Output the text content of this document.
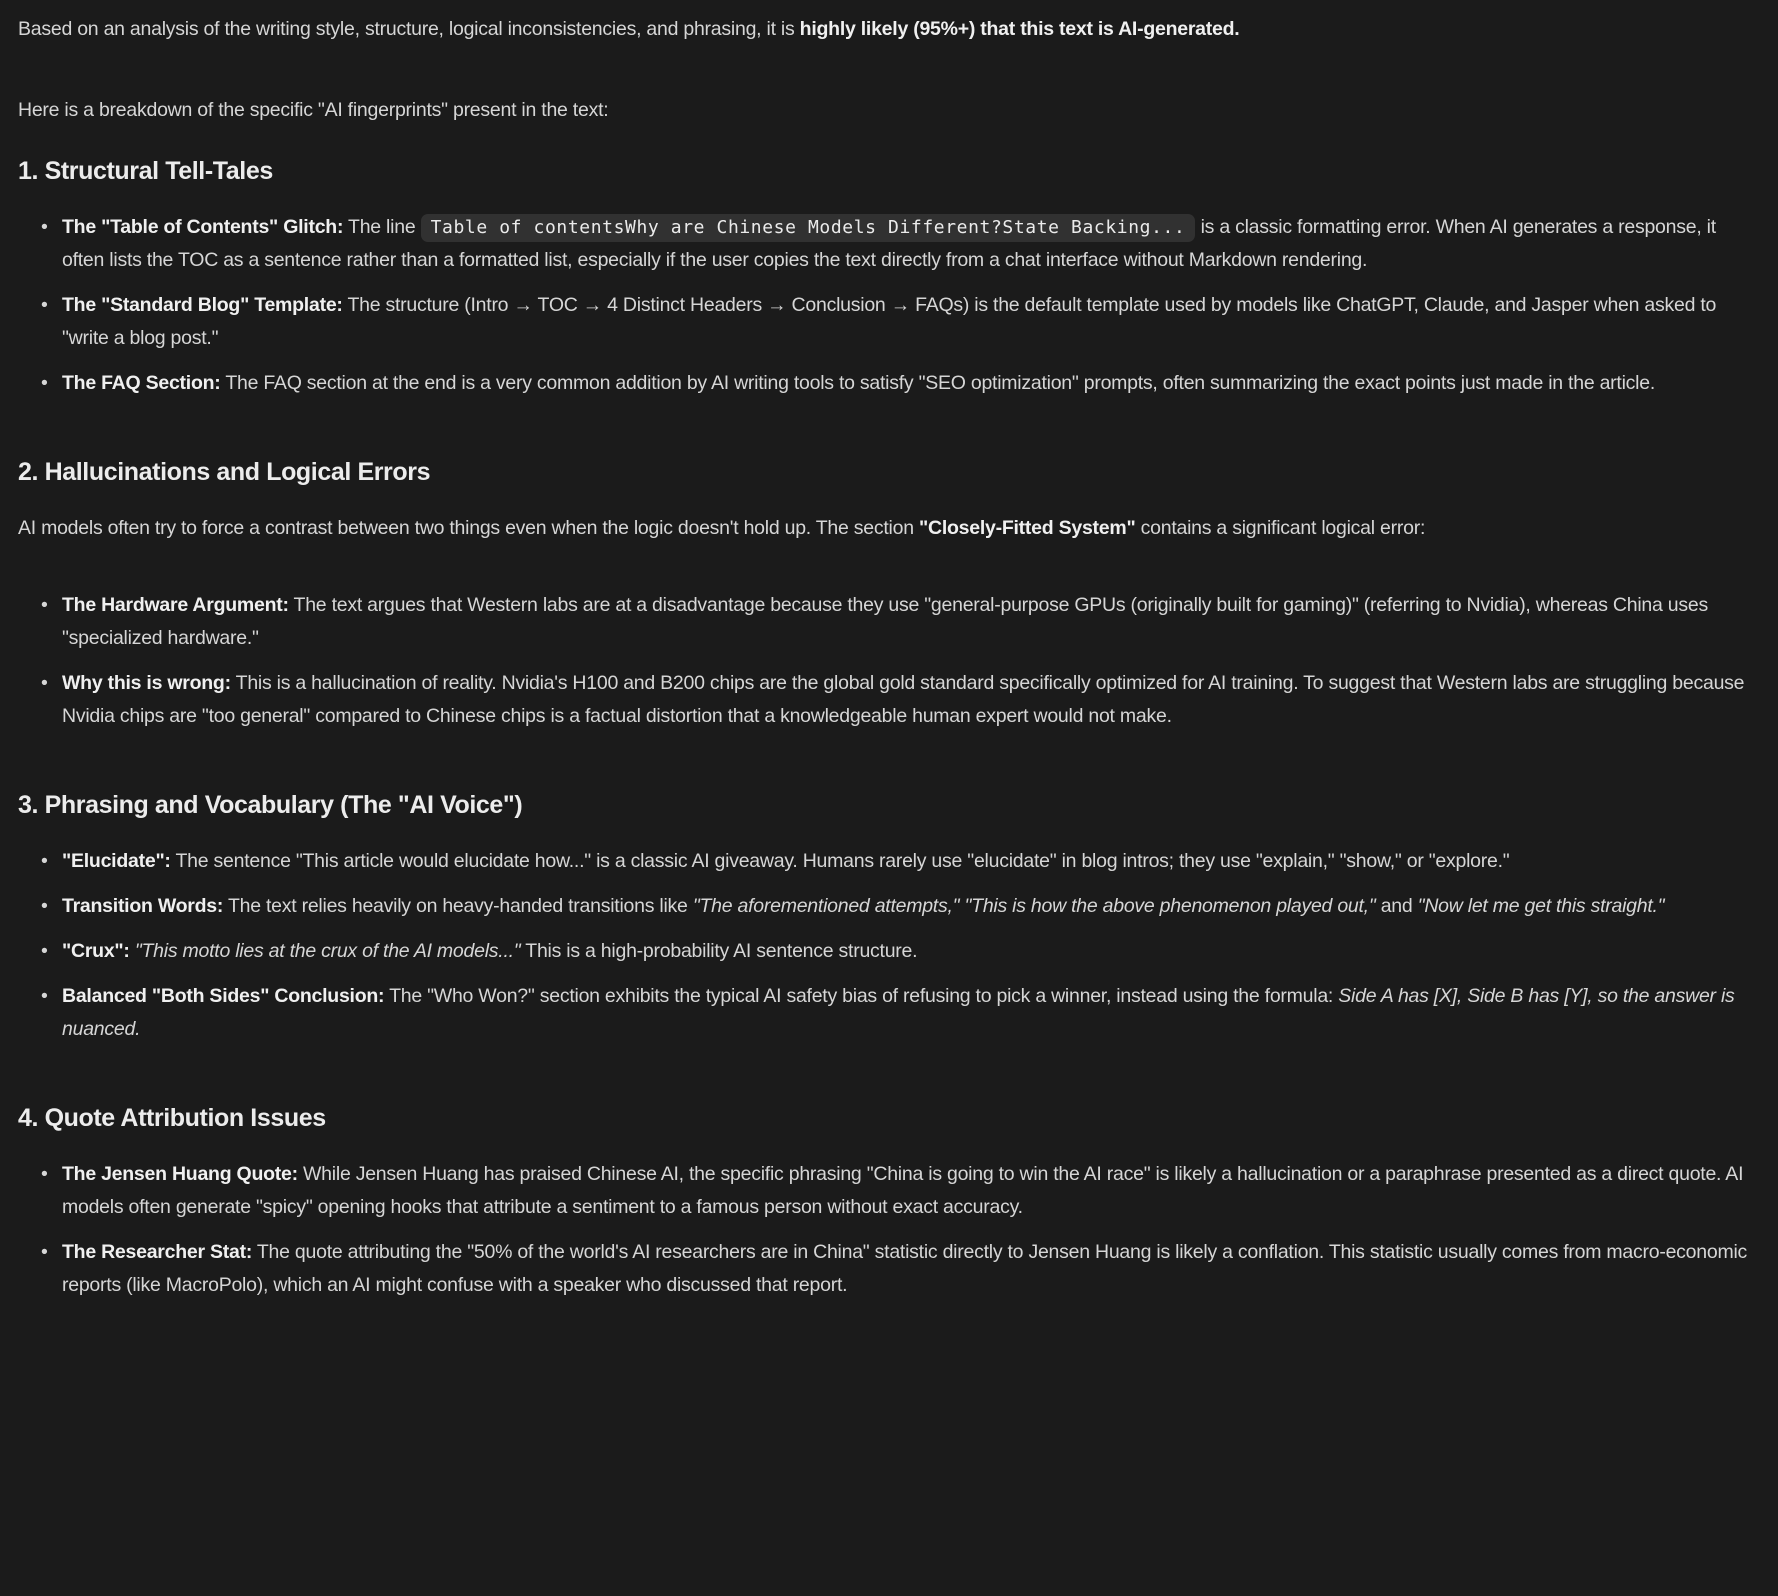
Based on an analysis of the writing style, structure, logical inconsistencies, and phrasing, it is highly likely (95%+) that this text is AI-generated.

Here is a breakdown of the specific "AI fingerprints" present in the text:

1. Structural Tell-Tales
• The "Table of Contents" Glitch: The line Table of contentsWhy are Chinese Models Different?State Backing... is a classic formatting error. When AI generates a response, it often lists the TOC as a sentence rather than a formatted list, especially if the user copies the text directly from a chat interface without Markdown rendering.
• The "Standard Blog" Template: The structure (Intro → TOC → 4 Distinct Headers → Conclusion → FAQs) is the default template used by models like ChatGPT, Claude, and Jasper when asked to "write a blog post."
• The FAQ Section: The FAQ section at the end is a very common addition by AI writing tools to satisfy "SEO optimization" prompts, often summarizing the exact points just made in the article.
2. Hallucinations and Logical Errors

AI models often try to force a contrast between two things even when the logic doesn't hold up. The section "Closely-Fitted System" contains a significant logical error:

• The Hardware Argument: The text argues that Western labs are at a disadvantage because they use "general-purpose GPUs (originally built for gaming)" (referring to Nvidia), whereas China uses "specialized hardware."
• Why this is wrong: This is a hallucination of reality. Nvidia's H100 and B200 chips are the global gold standard specifically optimized for AI training. To suggest that Western labs are struggling because Nvidia chips are "too general" compared to Chinese chips is a factual distortion that a knowledgeable human expert would not make.
3. Phrasing and Vocabulary (The "AI Voice")
• "Elucidate": The sentence "This article would elucidate how..." is a classic AI giveaway. Humans rarely use "elucidate" in blog intros; they use "explain," "show," or "explore."
• Transition Words: The text relies heavily on heavy-handed transitions like "The aforementioned attempts," "This is how the above phenomenon played out," and "Now let me get this straight."
• "Crux": "This motto lies at the crux of the AI models..." This is a high-probability AI sentence structure.
• Balanced "Both Sides" Conclusion: The "Who Won?" section exhibits the typical AI safety bias of refusing to pick a winner, instead using the formula: Side A has [X], Side B has [Y], so the answer is nuanced.
4. Quote Attribution Issues
• The Jensen Huang Quote: While Jensen Huang has praised Chinese AI, the specific phrasing "China is going to win the AI race" is likely a hallucination or a paraphrase presented as a direct quote. AI models often generate "spicy" opening hooks that attribute a sentiment to a famous person without exact accuracy.
• The Researcher Stat: The quote attributing the "50% of the world's AI researchers are in China" statistic directly to Jensen Huang is likely a conflation. This statistic usually comes from macro-economic reports (like MacroPolo), which an AI might confuse with a speaker who discussed that report.
